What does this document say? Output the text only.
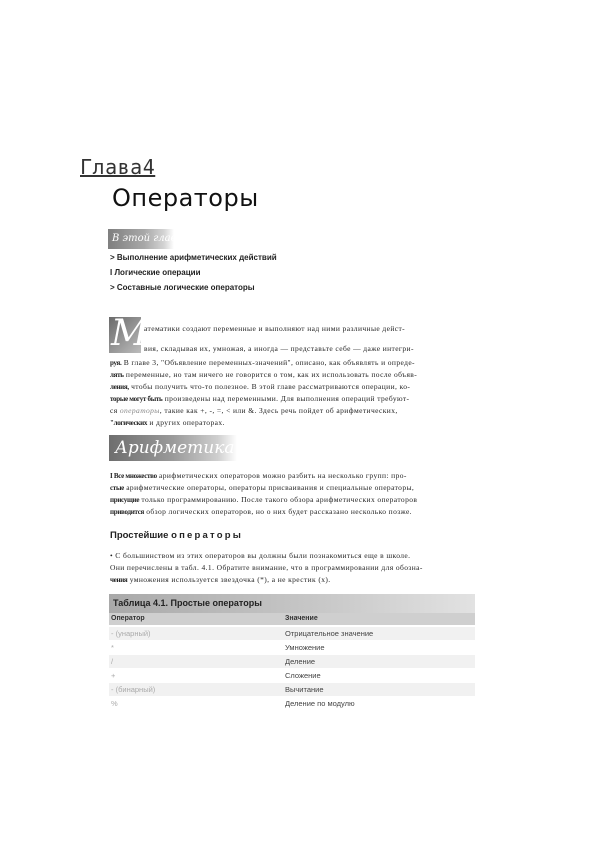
Глава4
Операторы
В этой главе...
> Выполнение арифметических действий
I Логические операции
> Составные логические операторы
М
атематики создают переменные и выполняют над ними различные дейст-
вия, складывая их, умножая, а иногда — представьте себе — даже интегри-
руя. В главе 3, "Объявление переменных-значений", описано, как объявлять и опреде-
лять переменные, но там ничего не говорится о том, как их использовать после объяв-
ления, чтобы получить что-то полезное. В этой главе рассматриваются операции, ко-
торые могут быть произведены над переменными. Для выполнения операций требуют-
ся операторы, такие как +, -, =, < или &. Здесь речь пойдет об арифметических,
"логических и других операторах.
Арифметика
I Все множество арифметических операторов можно разбить на несколько групп: про-
стые арифметические операторы, операторы присваивания и специальные операторы,
присущие только программированию. После такого обзора арифметических операторов
приводится обзор логических операторов, но о них будет рассказано несколько позже.
Простейшие операторы
• С большинством из этих операторов вы должны были познакомиться еще в школе.
Они перечислены в табл. 4.1. Обратите внимание, что в программировании для обозна-
чения умножения используется звездочка (*), а не крестик (x).
Таблица 4.1. Простые операторы
Оператор	Значение
- (унарный)	Отрицательное значение
*	Умножение
/	Деление
+	Сложение
- (бинарный)	Вычитание
%	Деление по модулю
